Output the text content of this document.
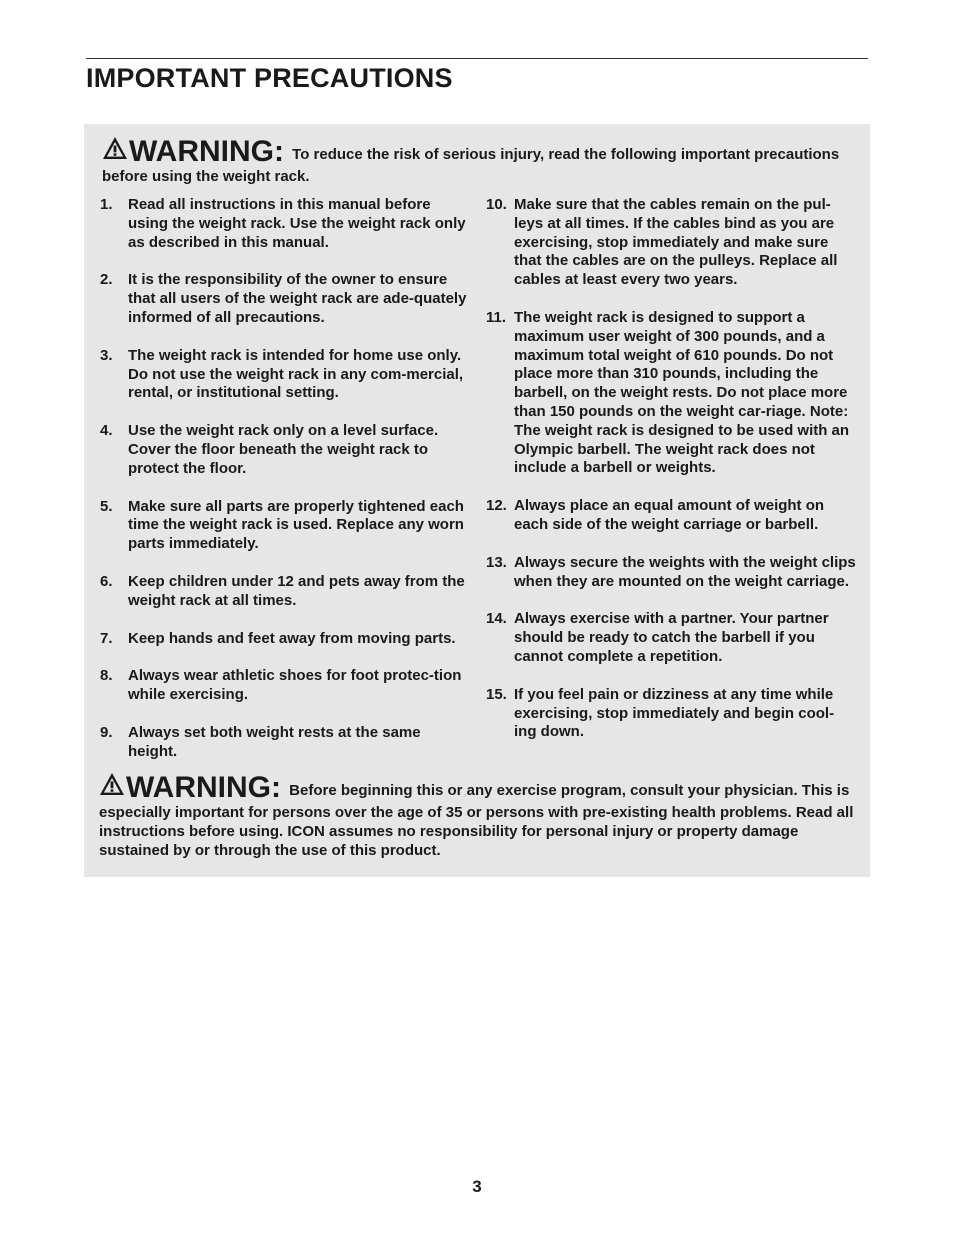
IMPORTANT PRECAUTIONS
WARNING: To reduce the risk of serious injury, read the following important precautions before using the weight rack.
1. Read all instructions in this manual before using the weight rack. Use the weight rack only as described in this manual.
2. It is the responsibility of the owner to ensure that all users of the weight rack are ade-quately informed of all precautions.
3. The weight rack is intended for home use only. Do not use the weight rack in any com-mercial, rental, or institutional setting.
4. Use the weight rack only on a level surface. Cover the floor beneath the weight rack to protect the floor.
5. Make sure all parts are properly tightened each time the weight rack is used. Replace any worn parts immediately.
6. Keep children under 12 and pets away from the weight rack at all times.
7. Keep hands and feet away from moving parts.
8. Always wear athletic shoes for foot protec-tion while exercising.
9. Always set both weight rests at the same height.
10. Make sure that the cables remain on the pul-leys at all times. If the cables bind as you are exercising, stop immediately and make sure that the cables are on the pulleys. Replace all cables at least every two years.
11. The weight rack is designed to support a maximum user weight of 300 pounds, and a maximum total weight of 610 pounds. Do not place more than 310 pounds, including the barbell, on the weight rests. Do not place more than 150 pounds on the weight car-riage. Note: The weight rack is designed to be used with an Olympic barbell. The weight rack does not include a barbell or weights.
12. Always place an equal amount of weight on each side of the weight carriage or barbell.
13. Always secure the weights with the weight clips when they are mounted on the weight carriage.
14. Always exercise with a partner. Your partner should be ready to catch the barbell if you cannot complete a repetition.
15. If you feel pain or dizziness at any time while exercising, stop immediately and begin cool-ing down.
WARNING: Before beginning this or any exercise program, consult your physician. This is especially important for persons over the age of 35 or persons with pre-existing health problems. Read all instructions before using. ICON assumes no responsibility for personal injury or property damage sustained by or through the use of this product.
3
